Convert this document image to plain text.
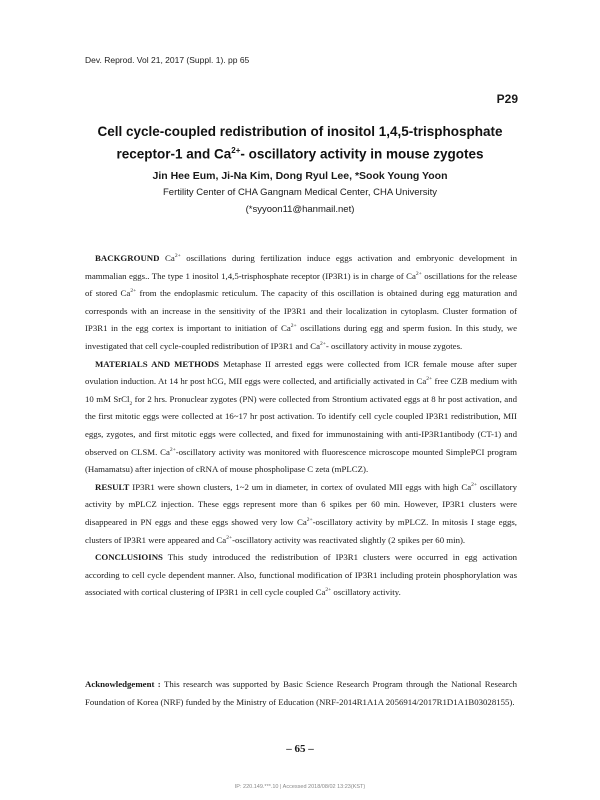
Dev. Reprod. Vol 21, 2017 (Suppl. 1). pp 65
P29
Cell cycle-coupled redistribution of inositol 1,4,5-trisphosphate
receptor-1 and $Ca^{2+}-$ oscillatory activity in mouse zygotes
Jin Hee Eum, Ji-Na Kim, Dong Ryul Lee, *Sook Young Yoon
Fertility Center of CHA Gangnam Medical Center, CHA University
(*syyoon11@hanmail.net)

BACKGROUND $Ca^{2+}$ oscillations during fertilization induce eggs activation and embryonic development in mammalian eggs.. The type 1 inositol 1,4,5-trisphosphate receptor (IP3R1) is in charge of $Ca^{2+}$ oscillations for the release of stored $Ca^{2+}$ from the endoplasmic reticulum. The capacity of this oscillation is obtained during egg maturation and corresponds with an increase in the sensitivity of the IP3R1 and their localization in cytoplasm. Cluster formation of IP3R1 in the egg cortex is important to initiation of $Ca^{2+}$ oscillations during egg and sperm fusion. In this study, we investigated that cell cycle-coupled redistribution of IP3R1 and $Ca^{2+}-$ oscillatory activity in mouse zygotes.

MATERIALS AND METHODS Metaphase II arrested eggs were collected from ICR female mouse after super ovulation induction. At 14 hr post hCG, MII eggs were collected, and artificially activated in $Ca^{2+}$ free CZB medium with 10 mM SrCl$_2$ for 2 hrs. Pronuclear zygotes (PN) were collected from Strontium activated eggs at 8 hr post activation, and the first mitotic eggs were collected at 16~17 hr post activation. To identify cell cycle coupled IP3R1 redistribution, MII eggs, zygotes, and first mitotic eggs were collected, and fixed for immunostaining with anti-IP3R1antibody (CT-1) and observed on CLSM. $Ca^{2+}$-oscillatory activity was monitored with fluorescence microscope mounted SimplePCI program (Hamamatsu) after injection of cRNA of mouse phospholipase C zeta (mPLCZ).

RESULT IP3R1 were shown clusters, 1~2 um in diameter, in cortex of ovulated MII eggs with high $Ca^{2+}$ oscillatory activity by mPLCZ injection. These eggs represent more than 6 spikes per 60 min. However, IP3R1 clusters were disappeared in PN eggs and these eggs showed very low $Ca^{2+}$-oscillatory activity by mPLCZ. In mitosis I stage eggs, clusters of IP3R1 were appeared and $Ca^{2+}$-oscillatory activity was reactivated slightly (2 spikes per 60 min).

CONCLUSIOINS This study introduced the redistribution of IP3R1 clusters were occurred in egg activation according to cell cycle dependent manner. Also, functional modification of IP3R1 including protein phosphorylation was associated with cortical clustering of IP3R1 in cell cycle coupled $Ca^{2+}$ oscillatory activity.

Acknowledgement : This research was supported by Basic Science Research Program through the National Research Foundation of Korea (NRF) funded by the Ministry of Education (NRF-2014R1A1A 2056914/2017R1D1A1B03028155).

– 65 –
IP: 220.149.***.10 | Accessed 2018/08/02 13:23(KST)
